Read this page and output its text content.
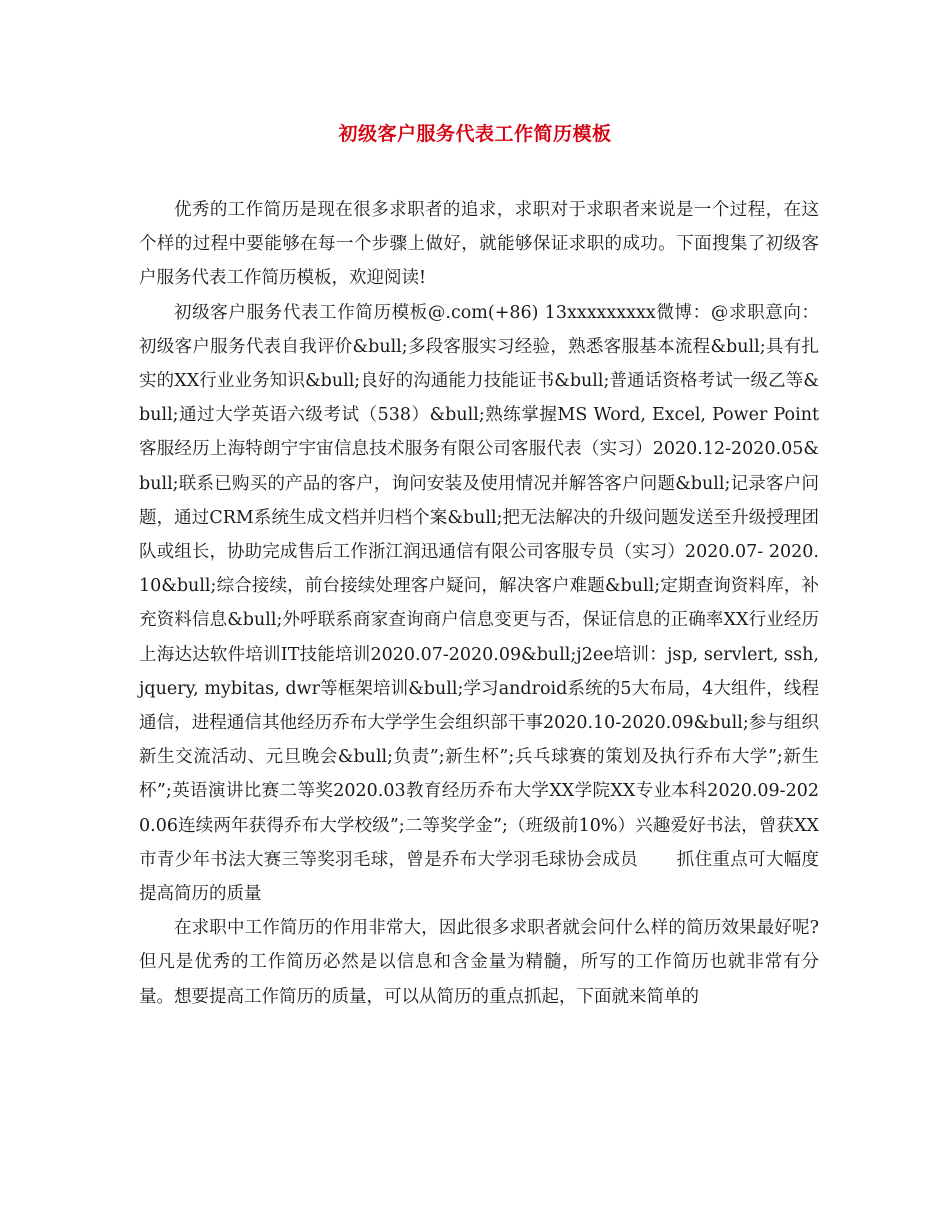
初级客户服务代表工作简历模板

优秀的工作简历是现在很多求职者的追求，求职对于求职者来说是一个过程，在这个样的过程中要能够在每一个步骤上做好，就能够保证求职的成功。下面搜集了初级客户服务代表工作简历模板，欢迎阅读!

初级客户服务代表工作简历模板@.com(+86) 13xxxxxxxxx微博：@求职意向：初级客户服务代表自我评价&bull;多段客服实习经验，熟悉客服基本流程&bull;具有扎实的XX行业业务知识&bull;良好的沟通能力技能证书&bull;普通话资格考试一级乙等&bull;通过大学英语六级考试（538）&bull;熟练掌握MS Word, Excel, Power Point客服经历上海特朗宁宇宙信息技术服务有限公司客服代表（实习）2020.12-2020.05&bull;联系已购买的产品的客户，询问安装及使用情况并解答客户问题&bull;记录客户问题，通过CRM系统生成文档并归档个案&bull;把无法解决的升级问题发送至升级授理团队或组长，协助完成售后工作浙江润迅通信有限公司客服专员（实习）2020.07- 2020.10&bull;综合接续，前台接续处理客户疑问，解决客户难题&bull;定期查询资料库，补充资料信息&bull;外呼联系商家查询商户信息变更与否，保证信息的正确率XX行业经历上海达达软件培训IT技能培训2020.07-2020.09&bull;j2ee培训：jsp, servlert, ssh, jquery, mybitas, dwr等框架培训&bull;学习android系统的5大布局，4大组件，线程通信，进程通信其他经历乔布大学学生会组织部干事2020.10-2020.09&bull;参与组织新生交流活动、元旦晚会&bull;负责”;新生杯”;兵乓球赛的策划及执行乔布大学”;新生杯”;英语演讲比赛二等奖2020.03教育经历乔布大学XX学院XX专业本科2020.09-2020.06连续两年获得乔布大学校级”;二等奖学金”;（班级前10%）兴趣爱好书法，曾获XX市青少年书法大赛三等奖羽毛球，曾是乔布大学羽毛球协会成员 抓住重点可大幅度提高简历的质量

在求职中工作简历的作用非常大，因此很多求职者就会问什么样的简历效果最好呢?但凡是优秀的工作简历必然是以信息和含金量为精髓，所写的工作简历也就非常有分量。想要提高工作简历的质量，可以从简历的重点抓起，下面就来简单的
